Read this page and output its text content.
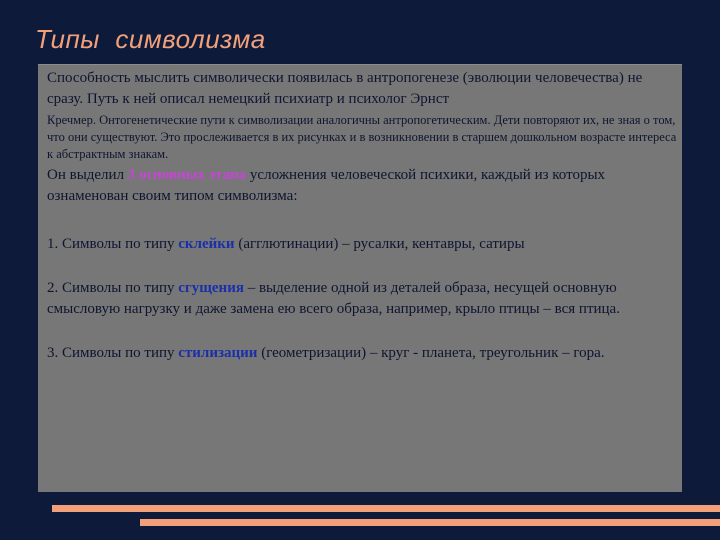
Типы  символизма

Способность мыслить символически появилась в антропогенезе (эволюции человечества) не сразу. Путь к ней описал немецкий психиатр и психолог Эрнст

Кречмер. Онтогенетические пути к символизации аналогичны антропогетическим. Дети повторяют их, не зная о том, что они существуют. Это прослеживается в их рисунках и в возникновении в старшем дошкольном возрасте интереса к абстрактным знакам.

Он выделил 3 основных этапа усложнения человеческой психики, каждый из которых ознаменован своим типом символизма:

1. Символы по типу склейки (агглютинации) – русалки, кентавры, сатиры

2. Символы по типу сгущения – выделение одной из деталей образа, несущей основную смысловую нагрузку и даже замена ею всего образа, например, крыло птицы – вся птица.

3. Символы по типу стилизации (геометризации) – круг - планета, треугольник – гора.
